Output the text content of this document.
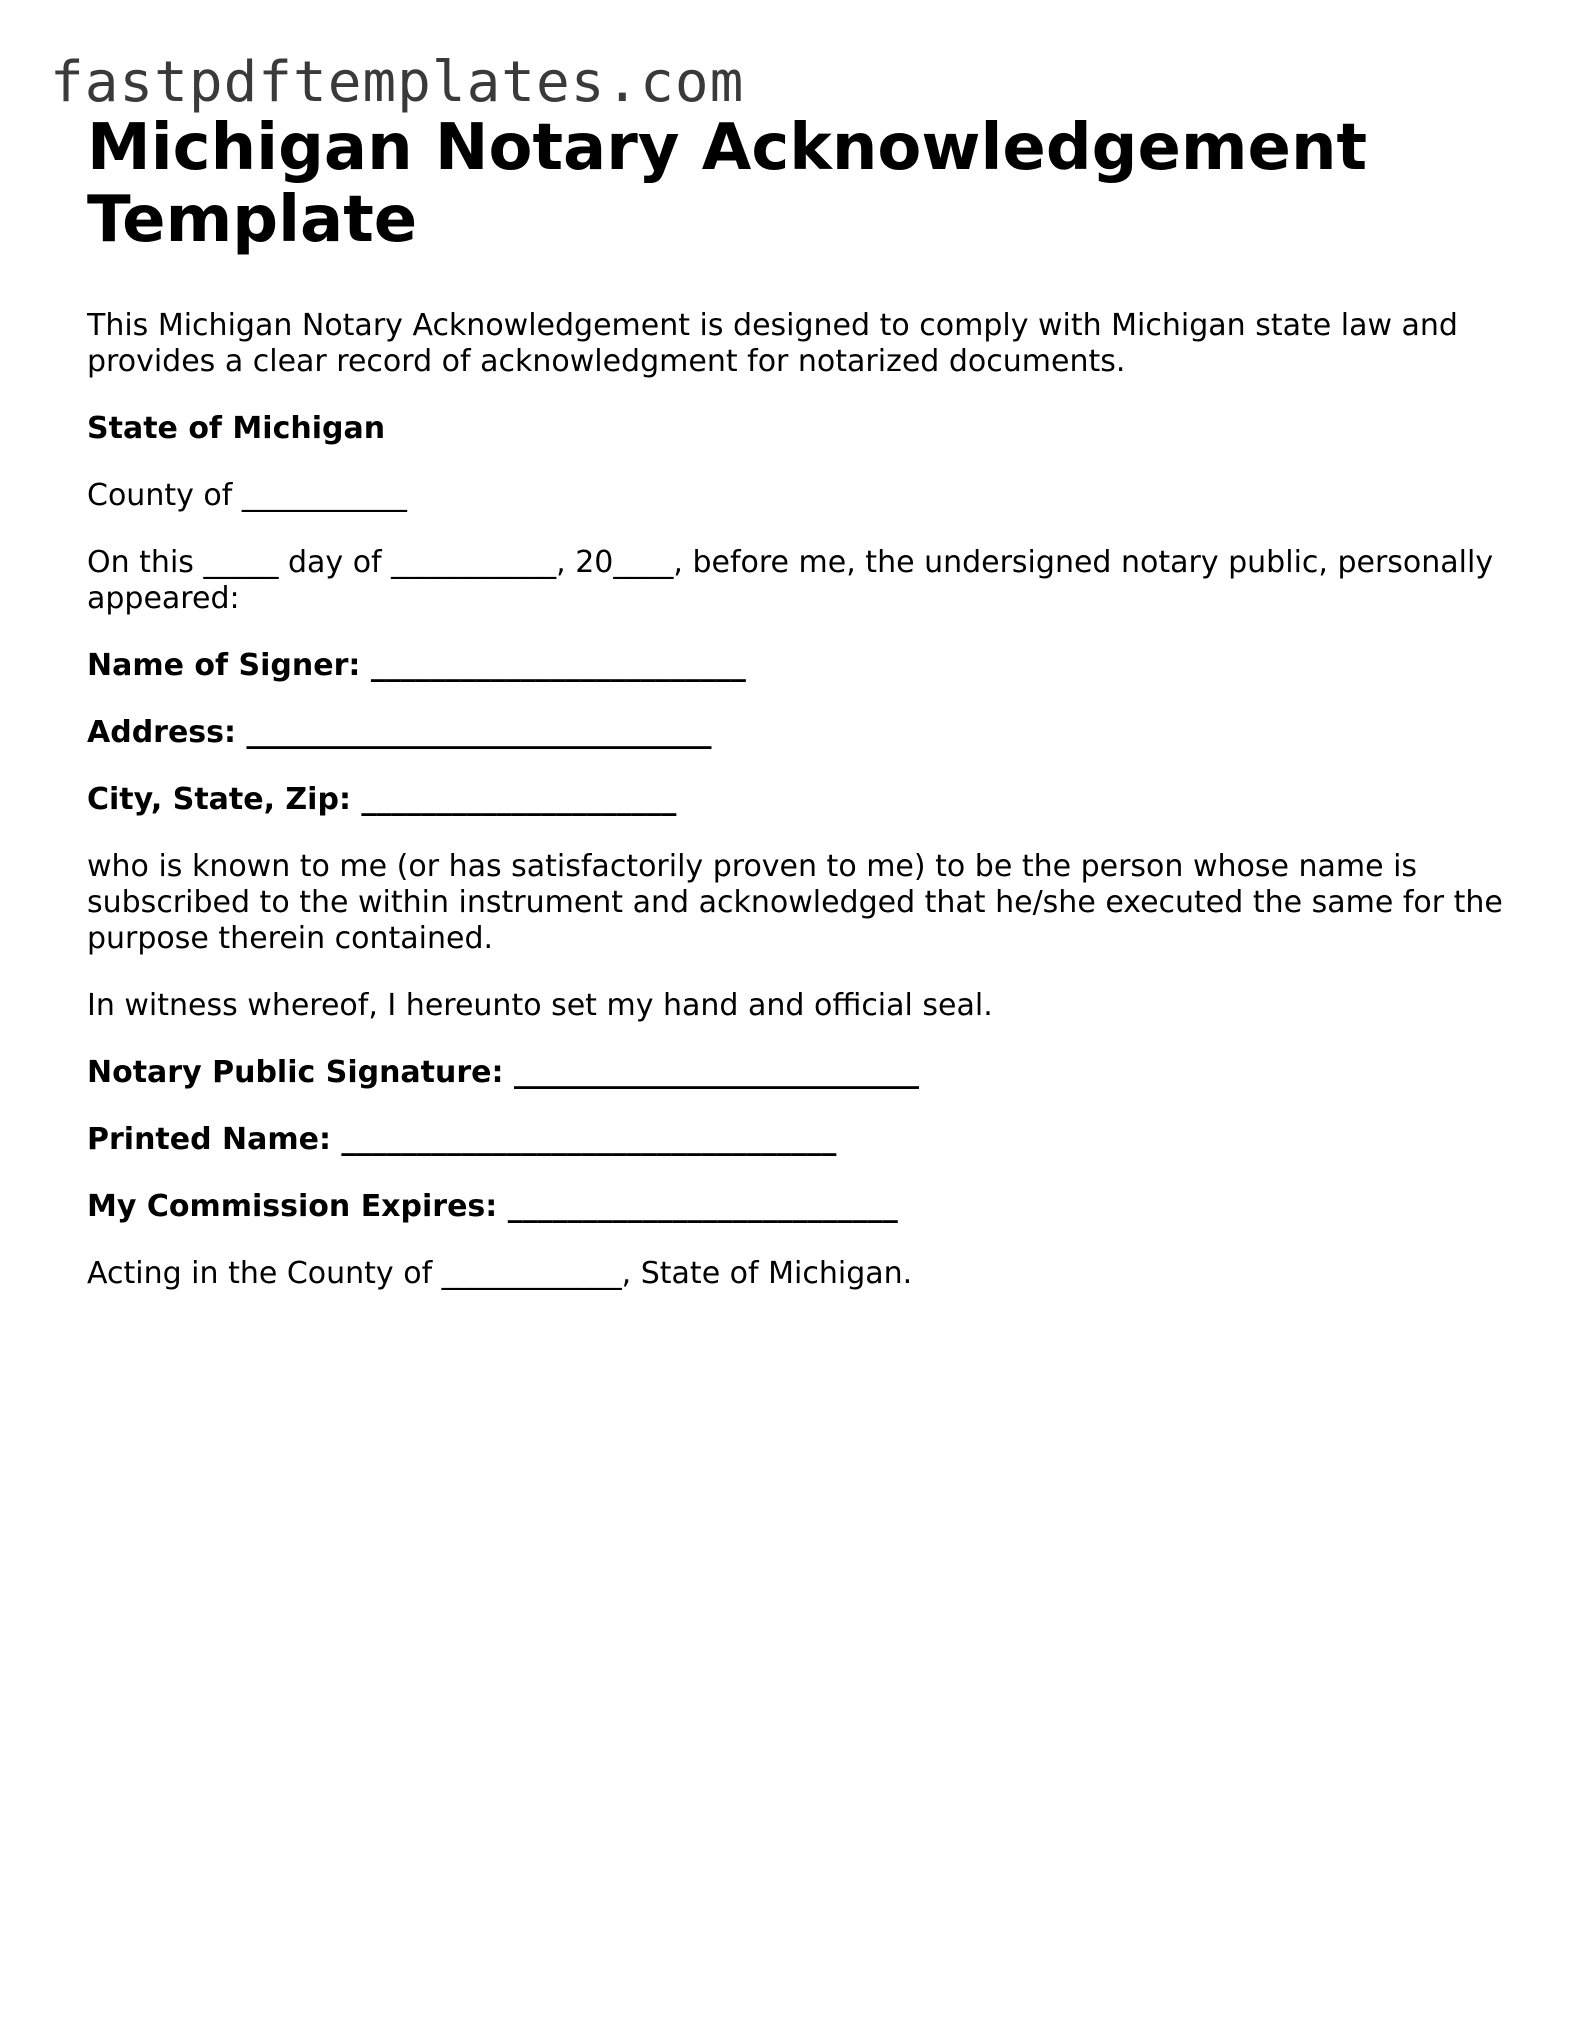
fastpdftemplates.com
Michigan Notary Acknowledgement Template

This Michigan Notary Acknowledgement is designed to comply with Michigan state law and provides a clear record of acknowledgment for notarized documents.

State of Michigan

County of ___________

On this _____ day of ___________, 20____, before me, the undersigned notary public, personally appeared:

Name of Signer: _________________________

Address: _______________________________

City, State, Zip: _____________________

who is known to me (or has satisfactorily proven to me) to be the person whose name is subscribed to the within instrument and acknowledged that he/she executed the same for the purpose therein contained.

In witness whereof, I hereunto set my hand and official seal.

Notary Public Signature: ___________________________

Printed Name: _________________________________

My Commission Expires: __________________________

Acting in the County of ____________, State of Michigan.
